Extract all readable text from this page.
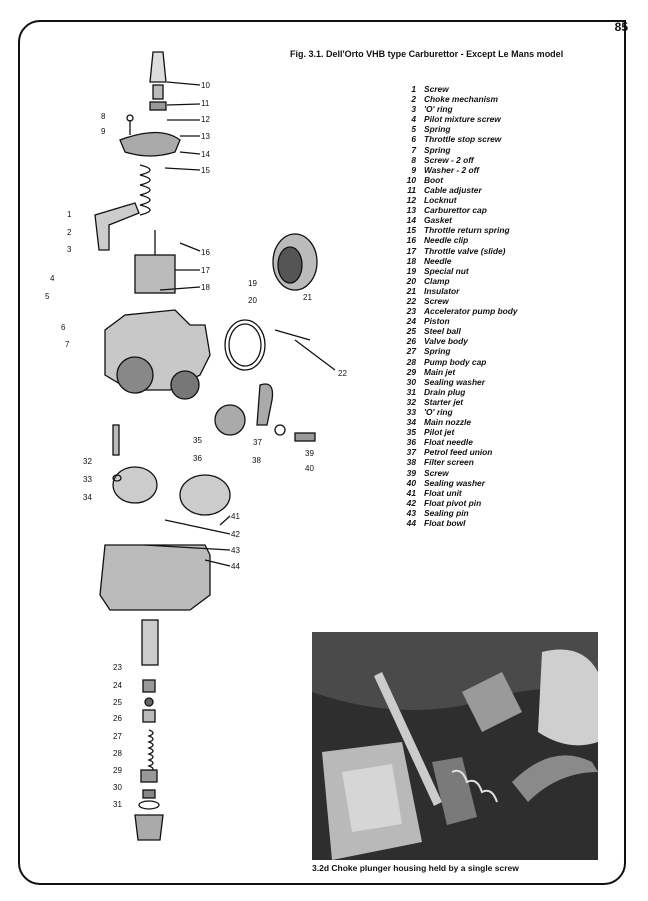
85
Fig. 3.1. Dell'Orto VHB type Carburettor - Except Le Mans model
10
11
12
13
14
15
8
9
1
2
3
4
5
6
7
16
17
18	19
20	21
22
35
36
37
38
39
40
32
33
34
41
42
43
44
23
24
25
26
27
28
29
30
31
1 Screw
2 Choke mechanism
3 'O' ring
4 Pilot mixture screw
5 Spring
6 Throttle stop screw
7 Spring
8 Screw - 2 off
9 Washer - 2 off
10 Boot
11 Cable adjuster
12 Locknut
13 Carburettor cap
14 Gasket
15 Throttle return spring
16 Needle clip
17 Throttle valve (slide)
18 Needle
19 Special nut
20 Clamp
21 Insulator
22 Screw
23 Accelerator pump body
24 Piston
25 Steel ball
26 Valve body
27 Spring
28 Pump body cap
29 Main jet
30 Sealing washer
31 Drain plug
32 Starter jet
33 'O' ring
34 Main nozzle
35 Pilot jet
36 Float needle
37 Petrol feed union
38 Filter screen
39 Screw
40 Sealing washer
41 Float unit
42 Float pivot pin
43 Sealing pin
44 Float bowl
3.2d Choke plunger housing held by a single screw
